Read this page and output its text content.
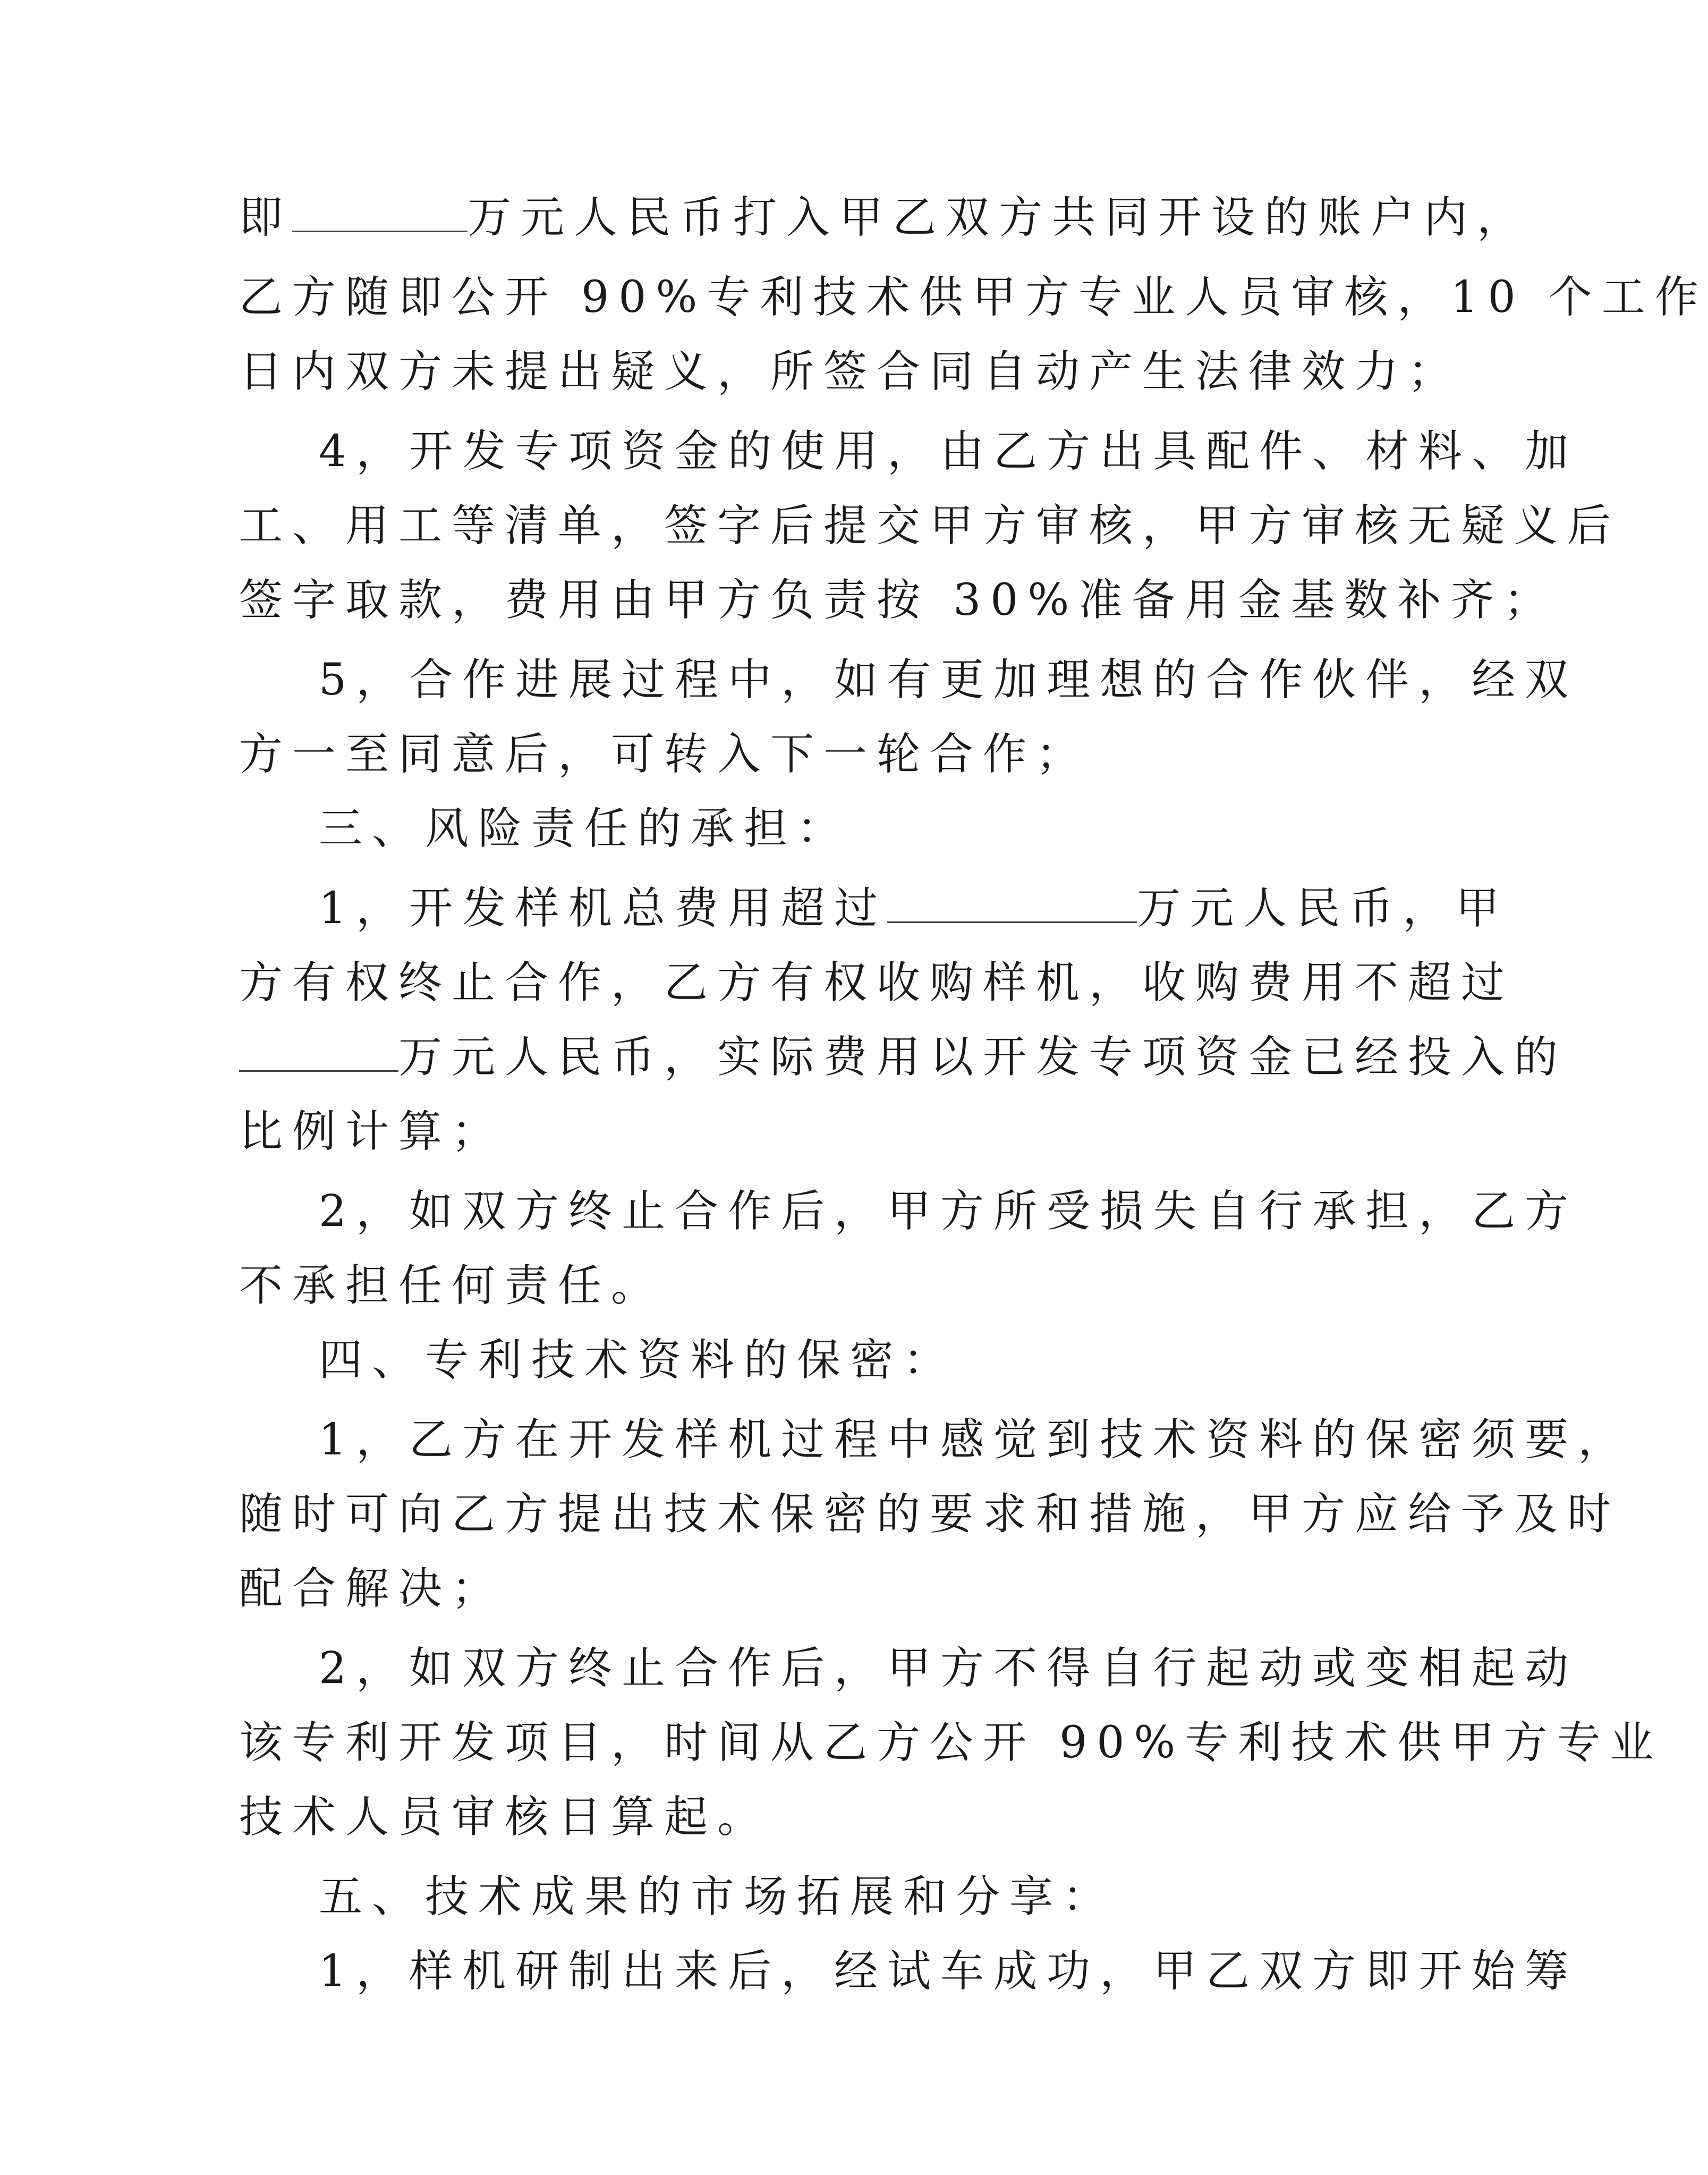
即	万元人民币打入甲乙双方共同开设的账户内，
乙方随即公开 90%专利技术供甲方专业人员审核，10 个工作
日内双方未提出疑义，所签合同自动产生法律效力；
4，开发专项资金的使用，由乙方出具配件、材料、加
工、用工等清单，签字后提交甲方审核，甲方审核无疑义后
签字取款，费用由甲方负责按 30%准备用金基数补齐；
5，合作进展过程中，如有更加理想的合作伙伴，经双
方一至同意后，可转入下一轮合作；
三、风险责任的承担：
1，开发样机总费用超过	万元人民币，甲
方有权终止合作，乙方有权收购样机，收购费用不超过
万元人民币，实际费用以开发专项资金已经投入的
比例计算；
2，如双方终止合作后，甲方所受损失自行承担，乙方
不承担任何责任。
四、专利技术资料的保密：
1，乙方在开发样机过程中感觉到技术资料的保密须要，
随时可向乙方提出技术保密的要求和措施，甲方应给予及时
配合解决；
2，如双方终止合作后，甲方不得自行起动或变相起动
该专利开发项目，时间从乙方公开 90%专利技术供甲方专业
技术人员审核日算起。
五、技术成果的市场拓展和分享：
1，样机研制出来后，经试车成功，甲乙双方即开始筹
